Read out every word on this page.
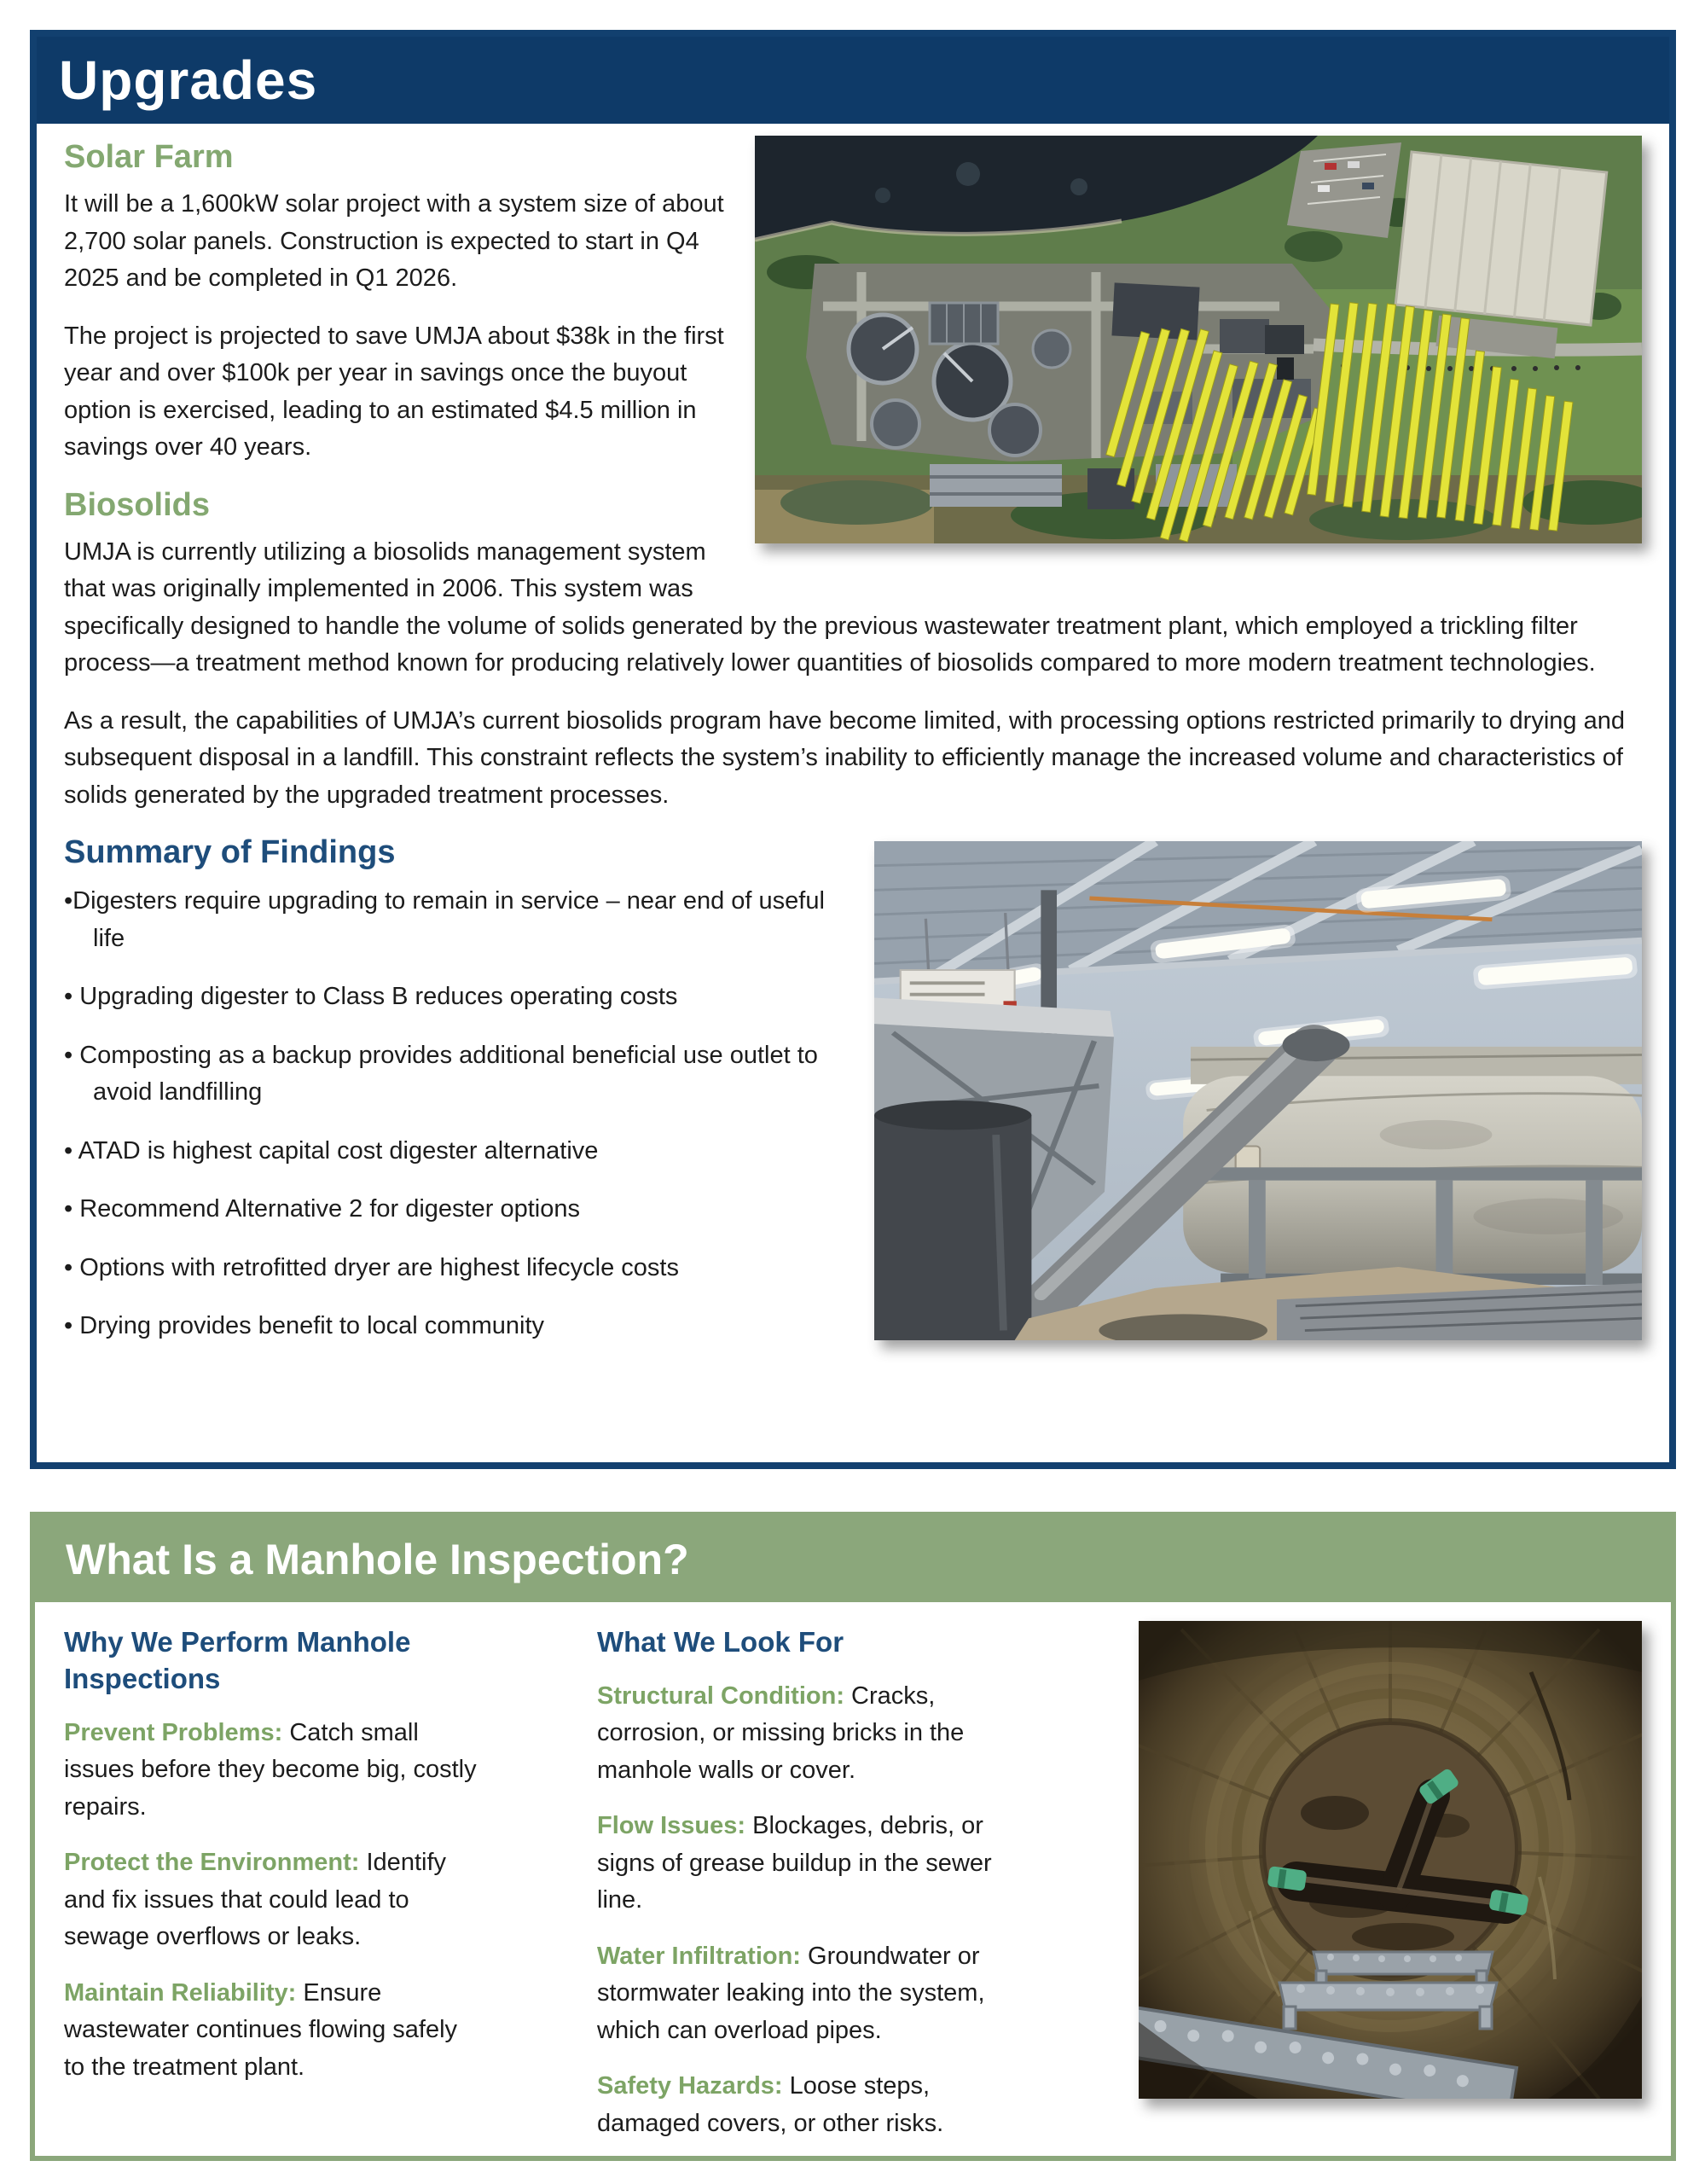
Upgrades
Solar Farm

It will be a 1,600kW solar project with a system size of about 2,700 solar panels. Construction is expected to start in Q4 2025 and be completed in Q1 2026.

The project is projected to save UMJA about $38k in the first year and over $100k per year in savings once the buyout option is exercised, leading to an estimated $4.5 million in savings over 40 years.

Biosolids

UMJA is currently utilizing a biosolids management system that was originally implemented in 2006. This system was specifically designed to handle the volume of solids generated by the previous wastewater treatment plant, which employed a trickling filter process—a treatment method known for producing relatively lower quantities of biosolids compared to more modern treatment technologies.

As a result, the capabilities of UMJA’s current biosolids program have become limited, with processing options restricted primarily to drying and subsequent disposal in a landfill. This constraint reflects the system’s inability to efficiently manage the increased volume and characteristics of solids generated by the upgraded treatment processes.

Summary of Findings
•Digesters require upgrading to remain in service – near end of useful life
• Upgrading digester to Class B reduces operating costs
• Composting as a backup provides additional beneficial use outlet to avoid landfilling
• ATAD is highest capital cost digester alternative
• Recommend Alternative 2 for digester options
• Options with retrofitted dryer are highest lifecycle costs
• Drying provides benefit to local community
What Is a Manhole Inspection?
Why We Perform Manhole Inspections

Prevent Problems: Catch small issues before they become big, costly repairs.

Protect the Environment: Identify and fix issues that could lead to sewage overflows or leaks.

Maintain Reliability: Ensure wastewater continues flowing safely to the treatment plant.

What We Look For

Structural Condition: Cracks, corrosion, or missing bricks in the manhole walls or cover.

Flow Issues: Blockages, debris, or signs of grease buildup in the sewer line.

Water Infiltration: Groundwater or stormwater leaking into the system, which can overload pipes.

Safety Hazards: Loose steps, damaged covers, or other risks.
